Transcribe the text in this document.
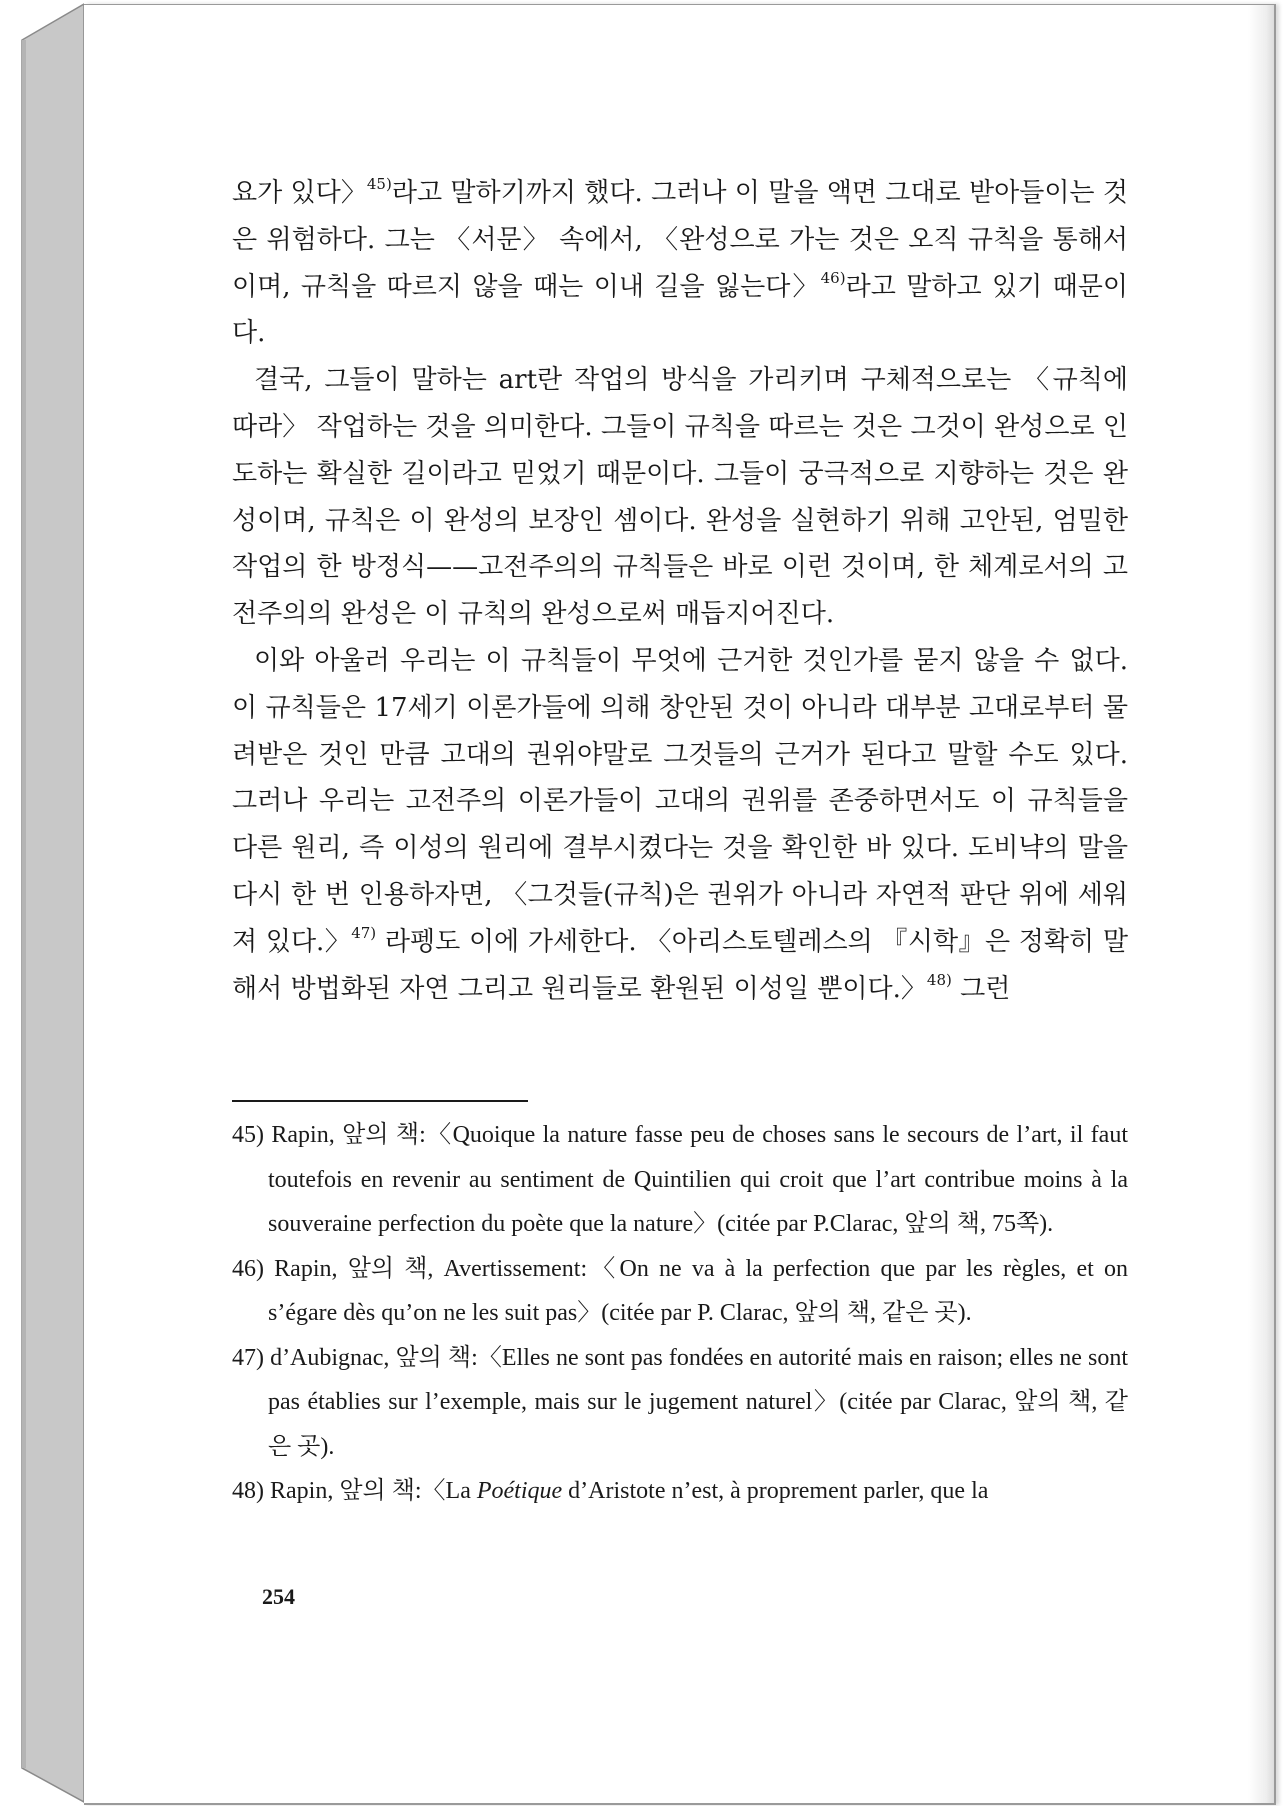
요가 있다〉$^{45)}$라고 말하기까지 했다. 그러나 이 말을 액면 그대로 받아들이는 것은 위험하다. 그는 〈서문〉 속에서, 〈완성으로 가는 것은 오직 규칙을 통해서이며, 규칙을 따르지 않을 때는 이내 길을 잃는다〉$^{46)}$라고 말하고 있기 때문이다.

결국, 그들이 말하는 art란 작업의 방식을 가리키며 구체적으로는 〈규칙에 따라〉 작업하는 것을 의미한다. 그들이 규칙을 따르는 것은 그것이 완성으로 인도하는 확실한 길이라고 믿었기 때문이다. 그들이 궁극적으로 지향하는 것은 완성이며, 규칙은 이 완성의 보장인 셈이다. 완성을 실현하기 위해 고안된, 엄밀한 작업의 한 방정식——고전주의의 규칙들은 바로 이런 것이며, 한 체계로서의 고전주의의 완성은 이 규칙의 완성으로써 매듭지어진다.

이와 아울러 우리는 이 규칙들이 무엇에 근거한 것인가를 묻지 않을 수 없다. 이 규칙들은 17세기 이론가들에 의해 창안된 것이 아니라 대부분 고대로부터 물려받은 것인 만큼 고대의 권위야말로 그것들의 근거가 된다고 말할 수도 있다. 그러나 우리는 고전주의 이론가들이 고대의 권위를 존중하면서도 이 규칙들을 다른 원리, 즉 이성의 원리에 결부시켰다는 것을 확인한 바 있다. 도비냑의 말을 다시 한 번 인용하자면, 〈그것들(규칙)은 권위가 아니라 자연적 판단 위에 세워져 있다.〉$^{47)}$ 라펭도 이에 가세한다. 〈아리스토텔레스의 『시학』은 정확히 말해서 방법화된 자연 그리고 원리들로 환원된 이성일 뿐이다.〉$^{48)}$ 그런

45) Rapin, 앞의 책:〈Quoique la nature fasse peu de choses sans le secours de l’art, il faut toutefois en revenir au sentiment de Quintilien qui croit que l’art contribue moins à la souveraine perfection du poète que la nature〉(citée par P.Clarac, 앞의 책, 75쪽).
46) Rapin, 앞의 책, Avertissement:〈On ne va à la perfection que par les règles, et on s’égare dès qu’on ne les suit pas〉(citée par P. Clarac, 앞의 책, 같은 곳).
47) d’Aubignac, 앞의 책:〈Elles ne sont pas fondées en autorité mais en raison; elles ne sont pas établies sur l’exemple, mais sur le jugement naturel〉(citée par Clarac, 앞의 책, 같은 곳).
48) Rapin, 앞의 책:〈La Poétique d’Aristote n’est, à proprement parler, que la
254
